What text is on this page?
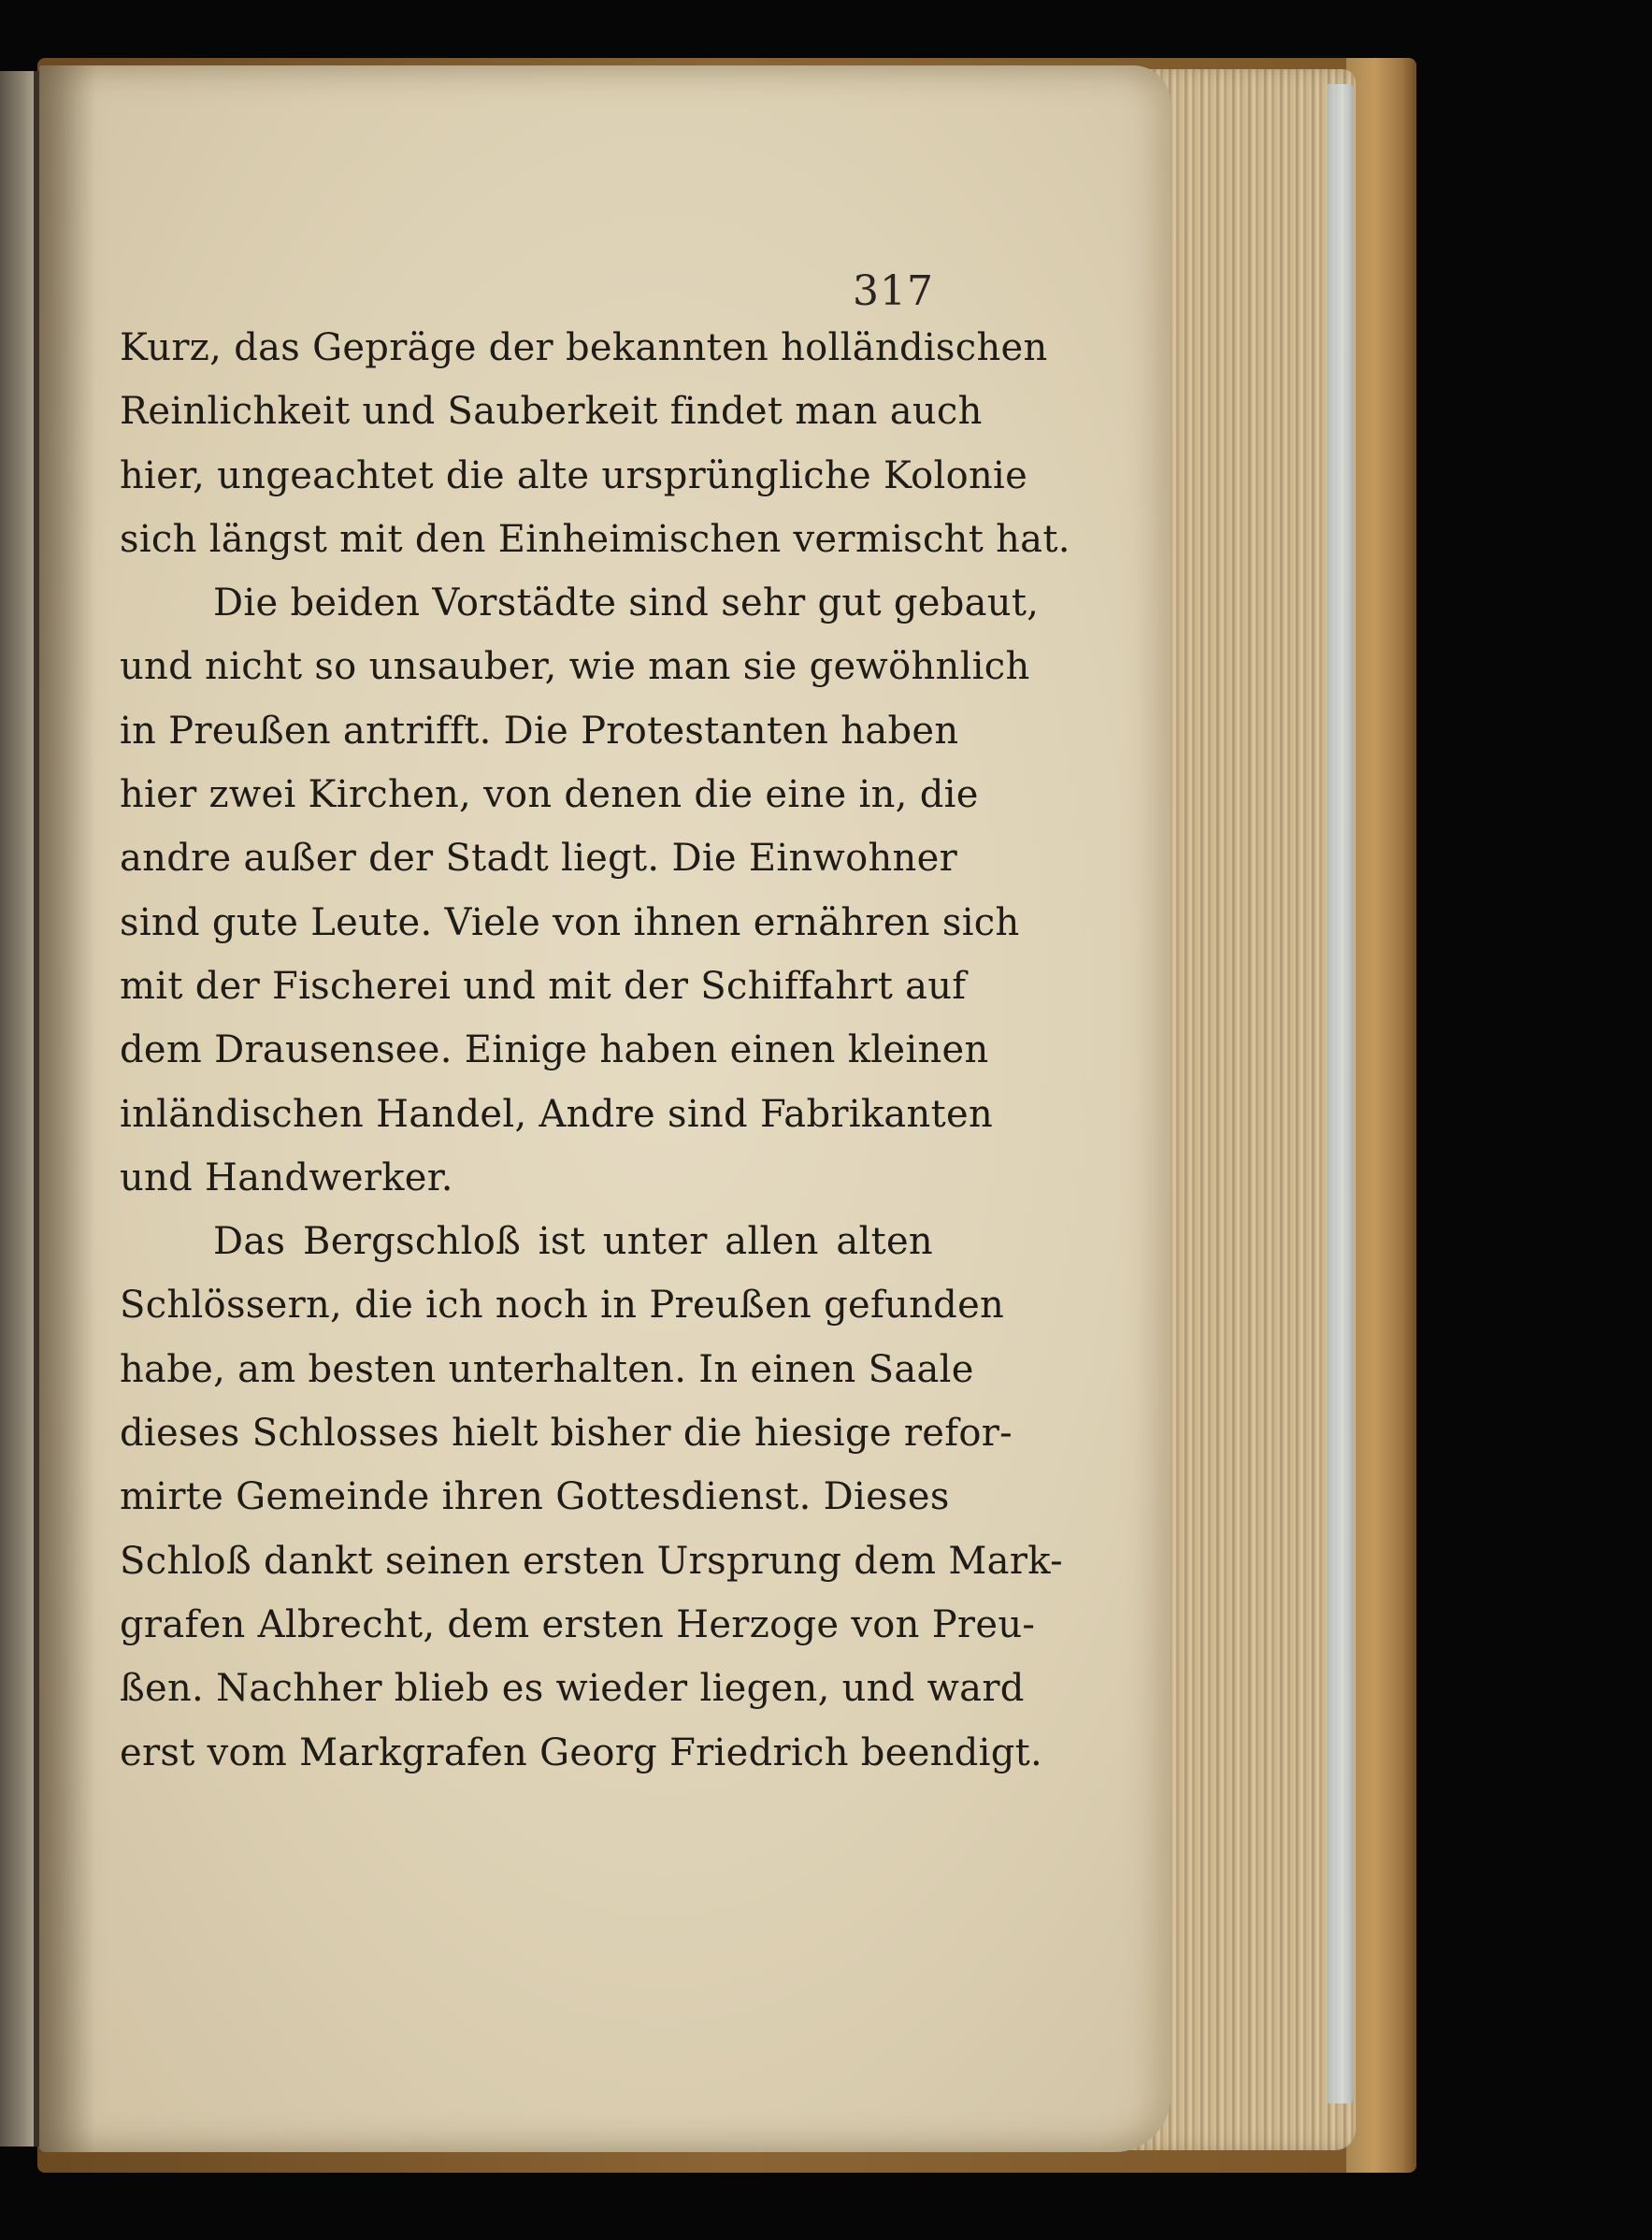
317
Kurz, das Gepräge der bekannten holländischen
Reinlichkeit und Sauberkeit findet man auch
hier, ungeachtet die alte ursprüngliche Kolonie
sich längst mit den Einheimischen vermischt hat.
Die beiden Vorstädte sind sehr gut gebaut,
und nicht so unsauber, wie man sie gewöhnlich
in Preußen antrifft. Die Protestanten haben
hier zwei Kirchen, von denen die eine in, die
andre außer der Stadt liegt. Die Einwohner
sind gute Leute. Viele von ihnen ernähren sich
mit der Fischerei und mit der Schiffahrt auf
dem Drausensee. Einige haben einen kleinen
inländischen Handel, Andre sind Fabrikanten
und Handwerker.
Das Bergschloß ist unter allen alten
Schlössern, die ich noch in Preußen gefunden
habe, am besten unterhalten. In einen Saale
dieses Schlosses hielt bisher die hiesige refor-
mirte Gemeinde ihren Gottesdienst. Dieses
Schloß dankt seinen ersten Ursprung dem Mark-
grafen Albrecht, dem ersten Herzoge von Preu-
ßen. Nachher blieb es wieder liegen, und ward
erst vom Markgrafen Georg Friedrich beendigt.
